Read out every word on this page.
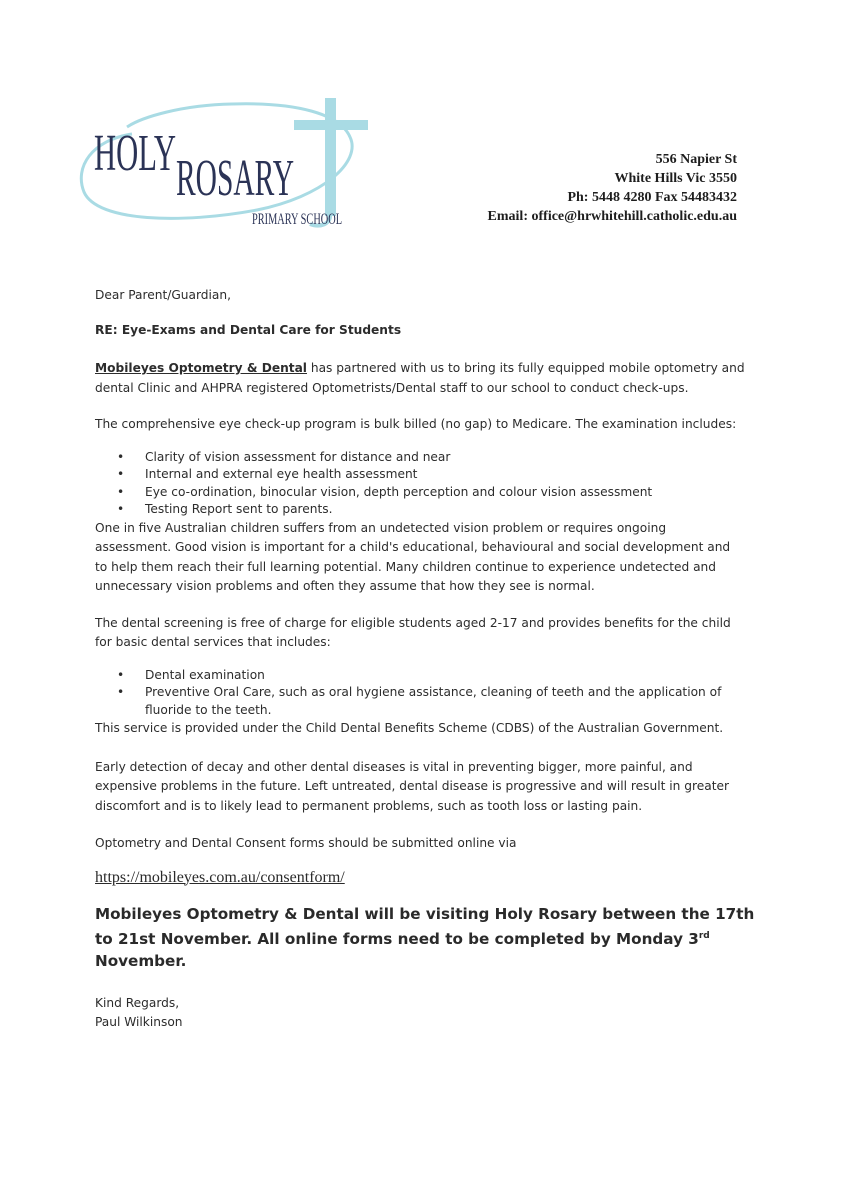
HOLY ROSARY
PRIMARY SCHOOL
556 Napier St
White Hills Vic 3550
Ph: 5448 4280 Fax 54483432
Email: office@hrwhitehill.catholic.edu.au

Dear Parent/Guardian,

RE: Eye-Exams and Dental Care for Students

Mobileyes Optometry & Dental has partnered with us to bring its fully equipped mobile optometry and dental Clinic and AHPRA registered Optometrists/Dental staff to our school to conduct check-ups.

The comprehensive eye check-up program is bulk billed (no gap) to Medicare. The examination includes:

• Clarity of vision assessment for distance and near
• Internal and external eye health assessment
• Eye co-ordination, binocular vision, depth perception and colour vision assessment
• Testing Report sent to parents.

One in five Australian children suffers from an undetected vision problem or requires ongoing assessment. Good vision is important for a child's educational, behavioural and social development and to help them reach their full learning potential. Many children continue to experience undetected and unnecessary vision problems and often they assume that how they see is normal.

The dental screening is free of charge for eligible students aged 2-17 and provides benefits for the child for basic dental services that includes:

• Dental examination
• Preventive Oral Care, such as oral hygiene assistance, cleaning of teeth and the application of fluoride to the teeth.

This service is provided under the Child Dental Benefits Scheme (CDBS) of the Australian Government.

Early detection of decay and other dental diseases is vital in preventing bigger, more painful, and expensive problems in the future. Left untreated, dental disease is progressive and will result in greater discomfort and is to likely lead to permanent problems, such as tooth loss or lasting pain.

Optometry and Dental Consent forms should be submitted online via

https://mobileyes.com.au/consentform/

Mobileyes Optometry & Dental will be visiting Holy Rosary between the 17th to 21st November. All online forms need to be completed by Monday 3rd November.

Kind Regards,
Paul Wilkinson
